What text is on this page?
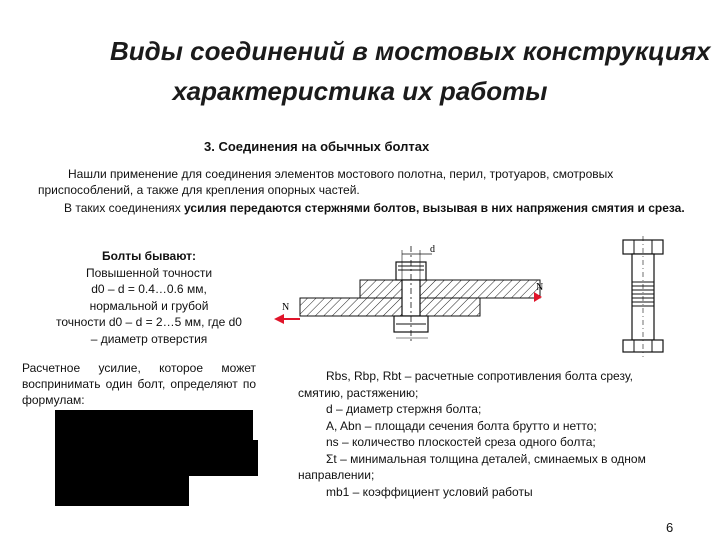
Виды соединений в мостовых конструкциях
характеристика их работы
3. Соединения на обычных болтах
Нашли применение для соединения элементов мостового полотна, перил, тротуаров, смотровых приспособлений, а также для крепления опорных частей.
В таких соединениях усилия передаются стержнями болтов, вызывая в них напряжения смятия и среза.
Болты бывают:
Повышенной точности
d0 – d = 0.4…0.6 мм,
нормальной и грубой
точности d0 – d = 2…5 мм, где d0
– диаметр отверстия
Расчетное усилие, которое может воспринимать один болт, определяют по формулам:
d
N
N
Rbs, Rbp, Rbt – расчетные сопротивления болта срезу, смятию, растяжению;
d – диаметр стержня болта;
A, Abn – площади сечения болта брутто и нетто;
ns – количество плоскостей среза одного болта;
Σt – минимальная толщина деталей, сминаемых в одном направлении;
mb1 – коэффициент условий работы
6
